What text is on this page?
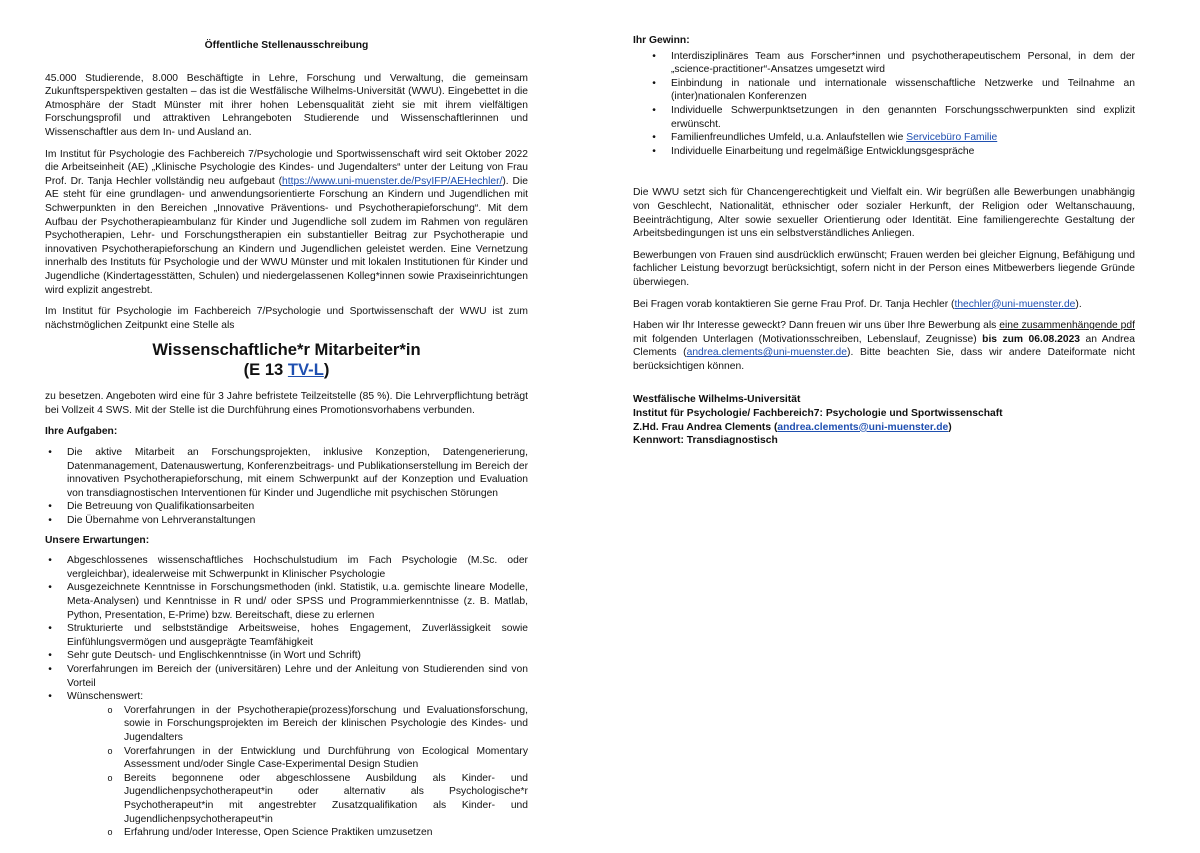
Öffentliche Stellenausschreibung

45.000 Studierende, 8.000 Beschäftigte in Lehre, Forschung und Verwaltung, die gemeinsam Zukunftsperspektiven gestalten – das ist die Westfälische Wilhelms-Universität (WWU). Eingebettet in die Atmosphäre der Stadt Münster mit ihrer hohen Lebensqualität zieht sie mit ihrem vielfältigen Forschungsprofil und attraktiven Lehrangeboten Studierende und Wissenschaftlerinnen und Wissenschaftler aus dem In- und Ausland an.

Im Institut für Psychologie des Fachbereich 7/Psychologie und Sportwissenschaft wird seit Oktober 2022 die Arbeitseinheit (AE) „Klinische Psychologie des Kindes- und Jugendalters“ unter der Leitung von Frau Prof. Dr. Tanja Hechler vollständig neu aufgebaut (https://www.uni-muenster.de/PsyIFP/AEHechler/). Die AE steht für eine grundlagen- und anwendungsorientierte Forschung an Kindern und Jugendlichen mit Schwerpunkten in den Bereichen „Innovative Präventions- und Psychotherapieforschung“. Mit dem Aufbau der Psychotherapieambulanz für Kinder und Jugendliche soll zudem im Rahmen von regulären Psychotherapien, Lehr- und Forschungstherapien ein substantieller Beitrag zur Psychotherapie und innovativen Psychotherapieforschung an Kindern und Jugendlichen geleistet werden. Eine Vernetzung innerhalb des Instituts für Psychologie und der WWU Münster und mit lokalen Institutionen für Kinder und Jugendliche (Kindertagesstätten, Schulen) und niedergelassenen Kolleg*innen sowie Praxiseinrichtungen wird explizit angestrebt.

Im Institut für Psychologie im Fachbereich 7/Psychologie und Sportwissenschaft der WWU ist zum nächstmöglichen Zeitpunkt eine Stelle als

Wissenschaftliche*r Mitarbeiter*in
(E 13 TV-L)

zu besetzen. Angeboten wird eine für 3 Jahre befristete Teilzeitstelle (85 %). Die Lehrverpflichtung beträgt bei Vollzeit 4 SWS. Mit der Stelle ist die Durchführung eines Promotionsvorhabens verbunden.

Ihre Aufgaben:

•	Die aktive Mitarbeit an Forschungsprojekten, inklusive Konzeption, Datengenerierung, Datenmanagement, Datenauswertung, Konferenzbeitrags- und Publikationserstellung im Bereich der innovativen Psychotherapieforschung, mit einem Schwerpunkt auf der Konzeption und Evaluation von transdiagnostischen Interventionen für Kinder und Jugendliche mit psychischen Störungen
•	Die Betreuung von Qualifikationsarbeiten
•	Die Übernahme von Lehrveranstaltungen

Unsere Erwartungen:

•	Abgeschlossenes wissenschaftliches Hochschulstudium im Fach Psychologie (M.Sc. oder vergleichbar), idealerweise mit Schwerpunkt in Klinischer Psychologie
•	Ausgezeichnete Kenntnisse in Forschungsmethoden (inkl. Statistik, u.a. gemischte lineare Modelle, Meta-Analysen) und Kenntnisse in R und/ oder SPSS und Programmierkenntnisse (z. B. Matlab, Python, Presentation, E-Prime) bzw. Bereitschaft, diese zu erlernen
•	Strukturierte und selbstständige Arbeitsweise, hohes Engagement, Zuverlässigkeit sowie Einfühlungsvermögen und ausgeprägte Teamfähigkeit
•	Sehr gute Deutsch- und Englischkenntnisse (in Wort und Schrift)
•	Vorerfahrungen im Bereich der (universitären) Lehre und der Anleitung von Studierenden sind von Vorteil
•	Wünschenswert:
o Vorerfahrungen in der Psychotherapie(prozess)forschung und Evaluationsforschung, sowie in Forschungsprojekten im Bereich der klinischen Psychologie des Kindes- und Jugendalters
o Vorerfahrungen in der Entwicklung und Durchführung von Ecological Momentary Assessment und/oder Single Case-Experimental Design Studien
o Bereits begonnene oder abgeschlossene Ausbildung als Kinder- und Jugendlichenpsychotherapeut*in oder alternativ als Psychologische*r Psychotherapeut*in mit angestrebter Zusatzqualifikation als Kinder- und Jugendlichenpsychotherapeut*in
o Erfahrung und/oder Interesse, Open Science Praktiken umzusetzen

Ihr Gewinn:

•	Interdisziplinäres Team aus Forscher*innen und psychotherapeutischem Personal, in dem der „science-practitioner“-Ansatzes umgesetzt wird
•	Einbindung in nationale und internationale wissenschaftliche Netzwerke und Teilnahme an (inter)nationalen Konferenzen
•	Individuelle Schwerpunktsetzungen in den genannten Forschungsschwerpunkten sind explizit erwünscht.
•	Familienfreundliches Umfeld, u.a. Anlaufstellen wie Servicebüro Familie
•	Individuelle Einarbeitung und regelmäßige Entwicklungsgespräche

Die WWU setzt sich für Chancengerechtigkeit und Vielfalt ein. Wir begrüßen alle Bewerbungen unabhängig von Geschlecht, Nationalität, ethnischer oder sozialer Herkunft, der Religion oder Weltanschauung, Beeinträchtigung, Alter sowie sexueller Orientierung oder Identität. Eine familiengerechte Gestaltung der Arbeitsbedingungen ist uns ein selbstverständliches Anliegen.

Bewerbungen von Frauen sind ausdrücklich erwünscht; Frauen werden bei gleicher Eignung, Befähigung und fachlicher Leistung bevorzugt berücksichtigt, sofern nicht in der Person eines Mitbewerbers liegende Gründe überwiegen.

Bei Fragen vorab kontaktieren Sie gerne Frau Prof. Dr. Tanja Hechler (thechler@uni-muenster.de).

Haben wir Ihr Interesse geweckt? Dann freuen wir uns über Ihre Bewerbung als eine zusammenhängende pdf mit folgenden Unterlagen (Motivationsschreiben, Lebenslauf, Zeugnisse) bis zum 06.08.2023 an Andrea Clements (andrea.clements@uni-muenster.de). Bitte beachten Sie, dass wir andere Dateiformate nicht berücksichtigen können.

Westfälische Wilhelms-Universität

Institut für Psychologie/ Fachbereich7: Psychologie und Sportwissenschaft

Z.Hd. Frau Andrea Clements (andrea.clements@uni-muenster.de)

Kennwort: Transdiagnostisch
